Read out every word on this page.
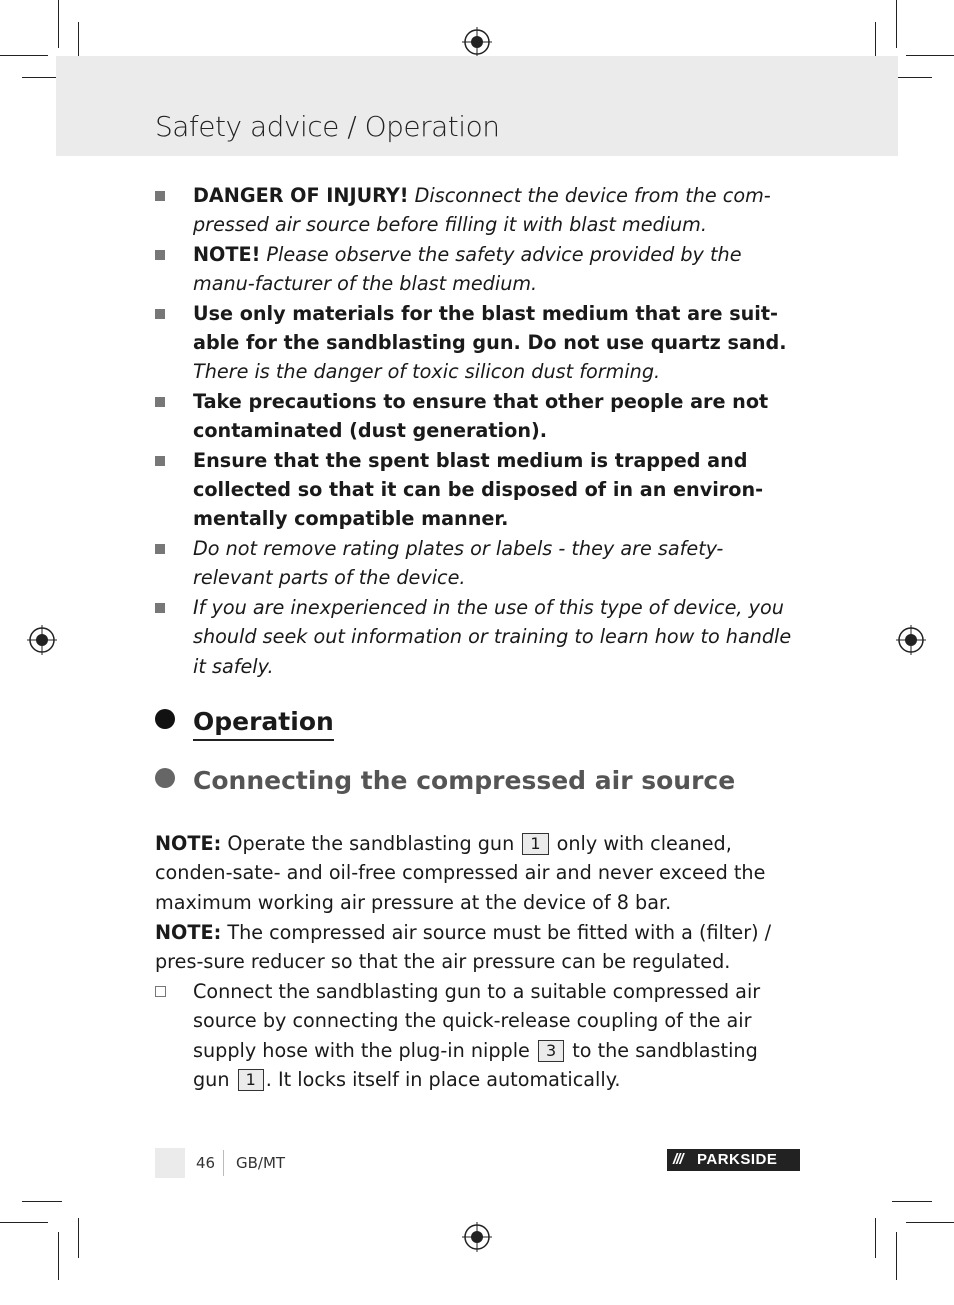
Safety advice / Operation
DANGER OF INJURY! Disconnect the device from the com-pressed air source before filling it with blast medium.
NOTE! Please observe the safety advice provided by the manu-facturer of the blast medium.
Use only materials for the blast medium that are suit-able for the sandblasting gun. Do not use quartz sand. There is the danger of toxic silicon dust forming.
Take precautions to ensure that other people are not contaminated (dust generation).
Ensure that the spent blast medium is trapped and collected so that it can be disposed of in an environ-mentally compatible manner.
Do not remove rating plates or labels - they are safety-relevant parts of the device.
If you are inexperienced in the use of this type of device, you should seek out information or training to learn how to handle it safely.
Operation
Connecting the compressed air source
NOTE: Operate the sandblasting gun 1 only with cleaned, conden-sate- and oil-free compressed air and never exceed the maximum working air pressure at the device of 8 bar.
NOTE: The compressed air source must be fitted with a (filter) / pres-sure reducer so that the air pressure can be regulated.
Connect the sandblasting gun to a suitable compressed air source by connecting the quick-release coupling of the air supply hose with the plug-in nipple 3 to the sandblasting gun 1 . It locks itself in place automatically.
46 GB/MT	/// PARKSIDE
